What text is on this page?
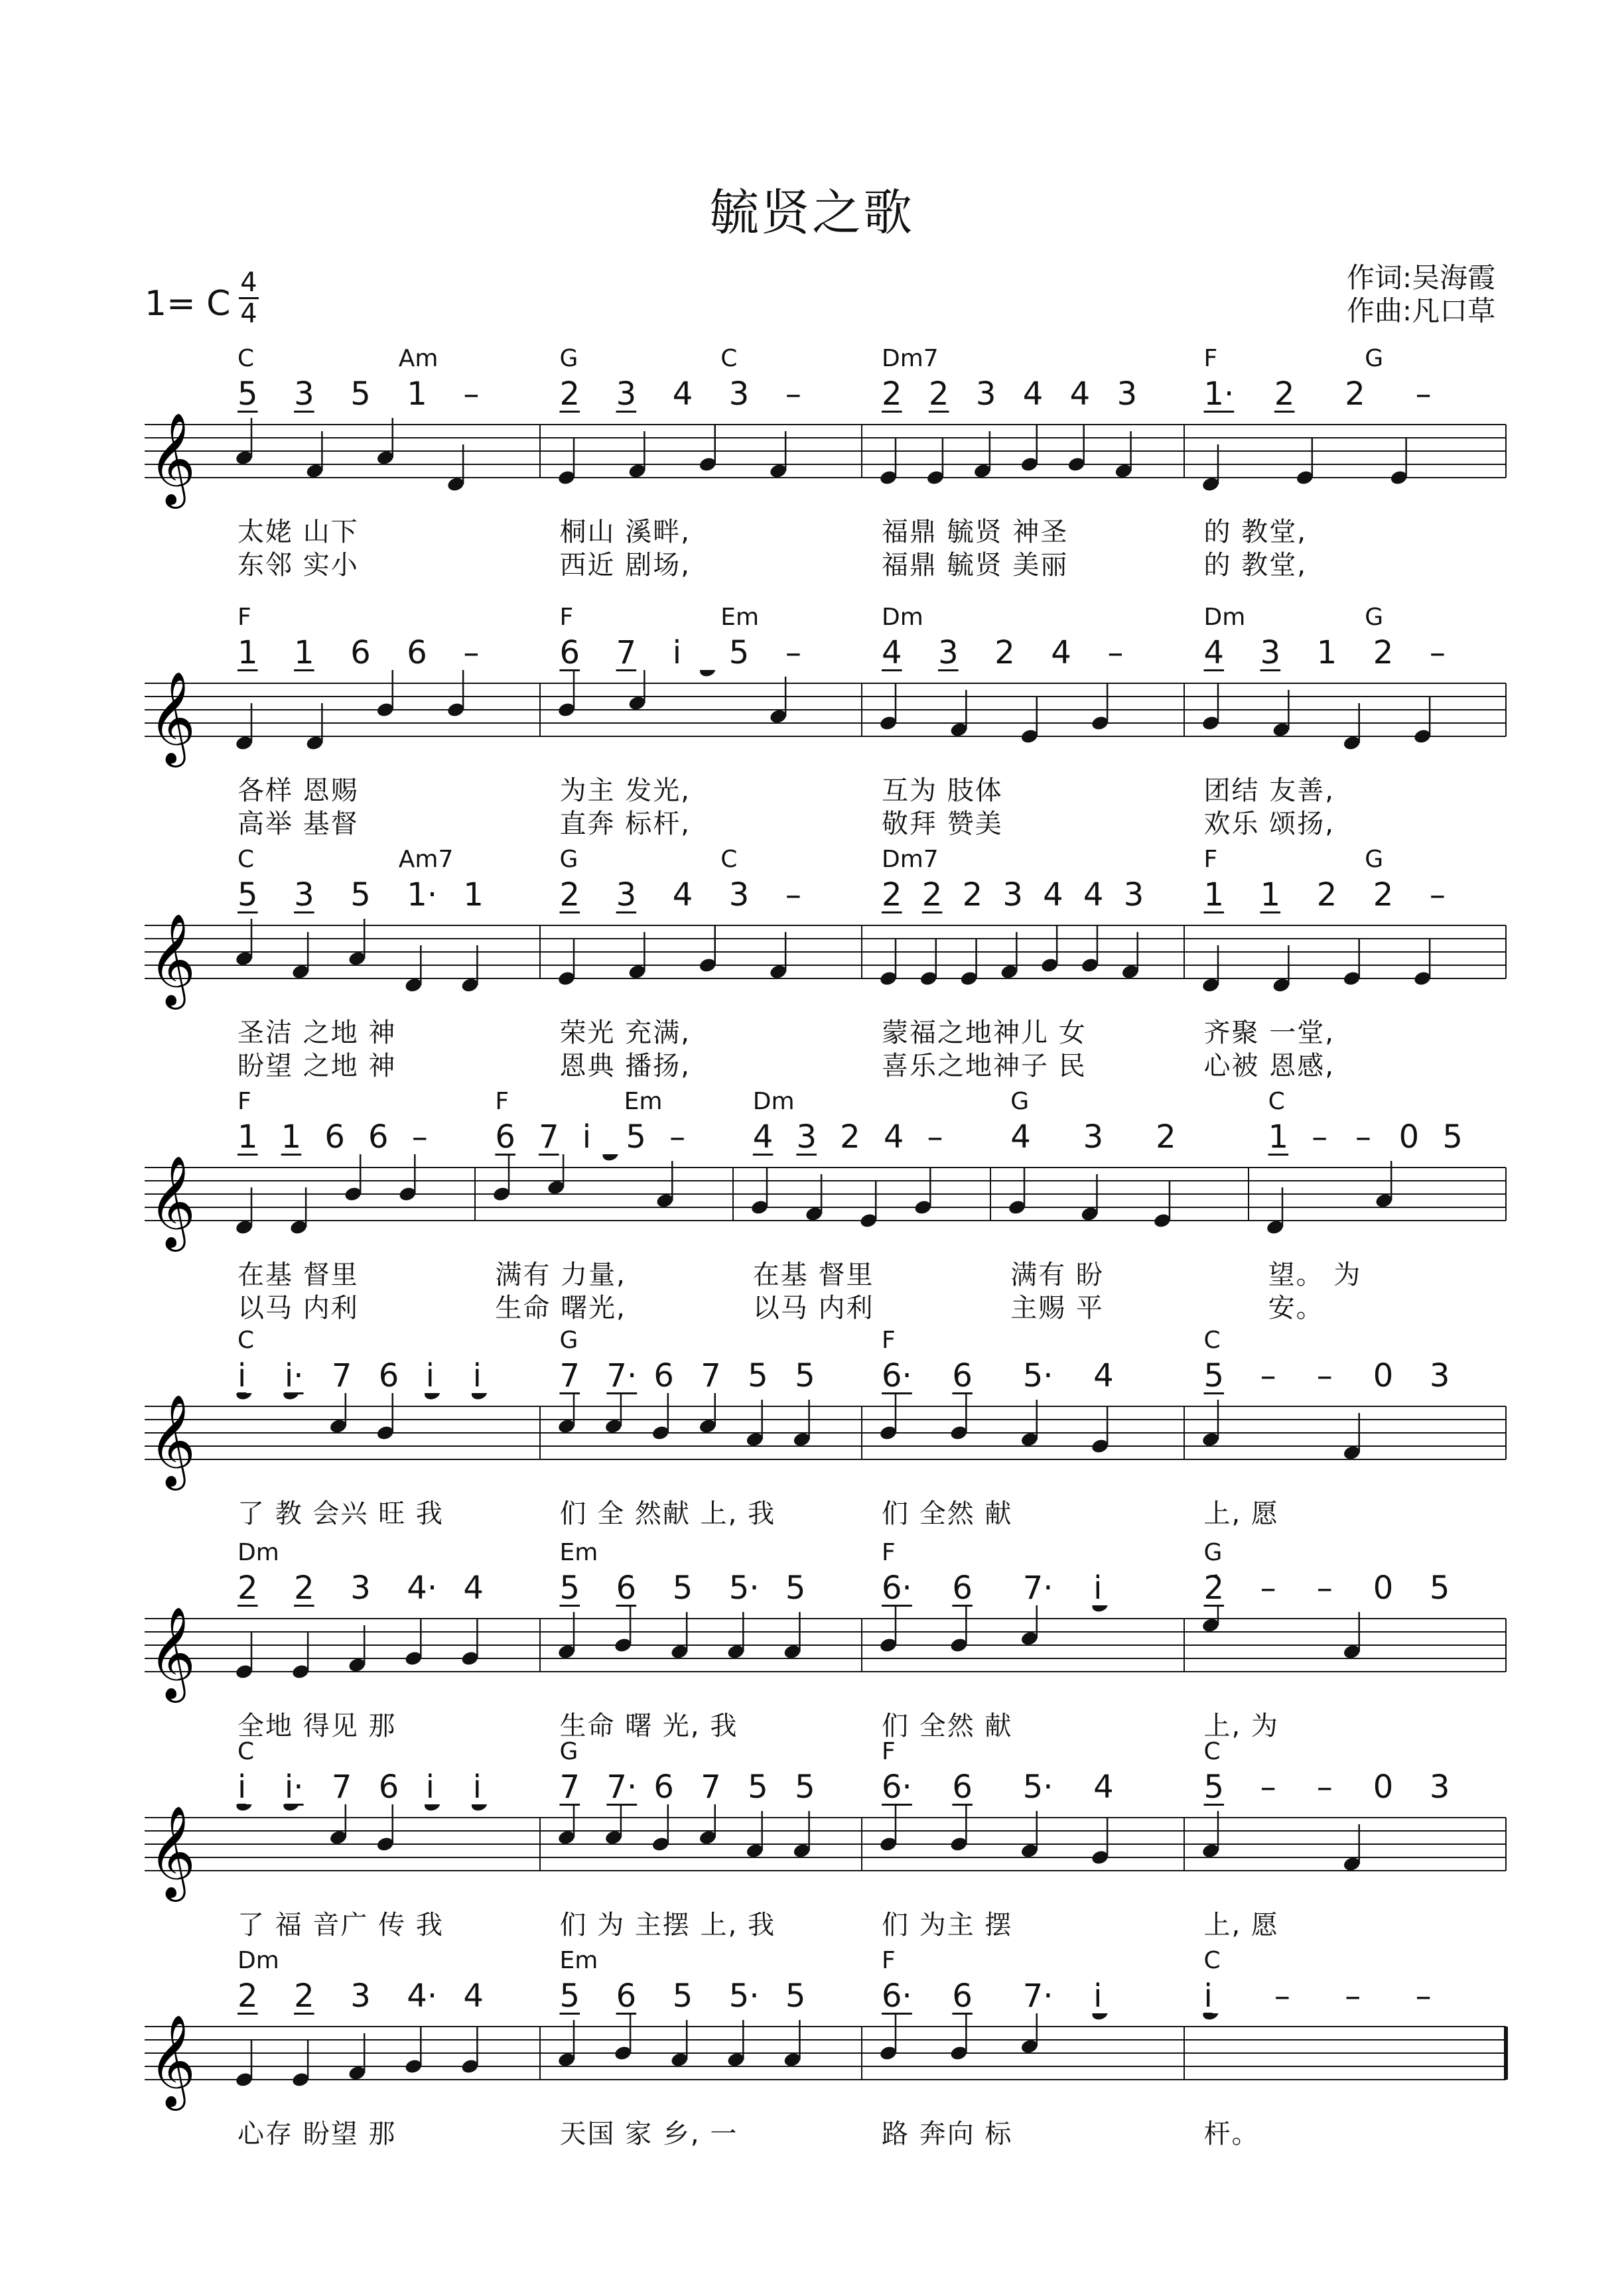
毓贤之歌
作词:吴海霞
作曲:凡口草
1= C
4
4
𝄞
C	Am
5 3 5 1 –
太姥 山下
东邻 实小
G	C
2 3 4 3 –
桐山 溪畔,
西近 剧场,
Dm7
2 2 3 4 4 3
福鼎 毓贤 神圣
福鼎 毓贤 美丽
F	G
1· 2 2 –
的 教堂,
的 教堂,
𝄞
F
1 1 6 6 –
各样 恩赐
高举 基督
F	Em
6 7 i 5 –
为主 发光,
直奔 标杆,
Dm
4 3 2 4 –
互为 肢体
敬拜 赞美
Dm	G
4 3 1 2 –
团结 友善,
欢乐 颂扬,
𝄞
C	Am7
5 3 5 1· 1
圣洁 之地 神
盼望 之地 神
G	C
2 3 4 3 –
荣光 充满,
恩典 播扬,
Dm7
2 2 2 3 4 4 3
蒙福之地神儿 女
喜乐之地神子 民
F	G
1 1 2 2 –
齐聚 一堂,
心被 恩感,
𝄞
F
1 1 6 6 –
在基 督里
以马 内利
F	Em
6 7 i 5 –
满有 力量,
生命 曙光,
Dm
4 3 2 4 –
在基 督里
以马 内利
G
4 3 2
满有 盼
主赐 平
C
1 – – 0 5
望。 为
安。
𝄞
C
i i· 7 6 i i
了 教 会兴 旺 我
G
7 7· 6 7 5 5
们 全 然献 上, 我
F
6· 6 5· 4
们 全然 献
C
5 – – 0 3
上, 愿
𝄞
Dm
2 2 3 4· 4
全地 得见 那
Em
5 6 5 5· 5
生命 曙 光, 我
F
6· 6 7· i
们 全然 献
G
2̇ – – 0 5
上, 为
𝄞
C
i i· 7 6 i i
了 福 音广 传 我
G
7 7· 6 7 5 5
们 为 主摆 上, 我
F
6· 6 5· 4
们 为主 摆
C
5 – – 0 3
上, 愿
𝄞
Dm
2 2 3 4· 4
心存 盼望 那
Em
5 6 5 5· 5
天国 家 乡, 一
F
6· 6 7· i
路 奔向 标
C
i – – –
杆。
